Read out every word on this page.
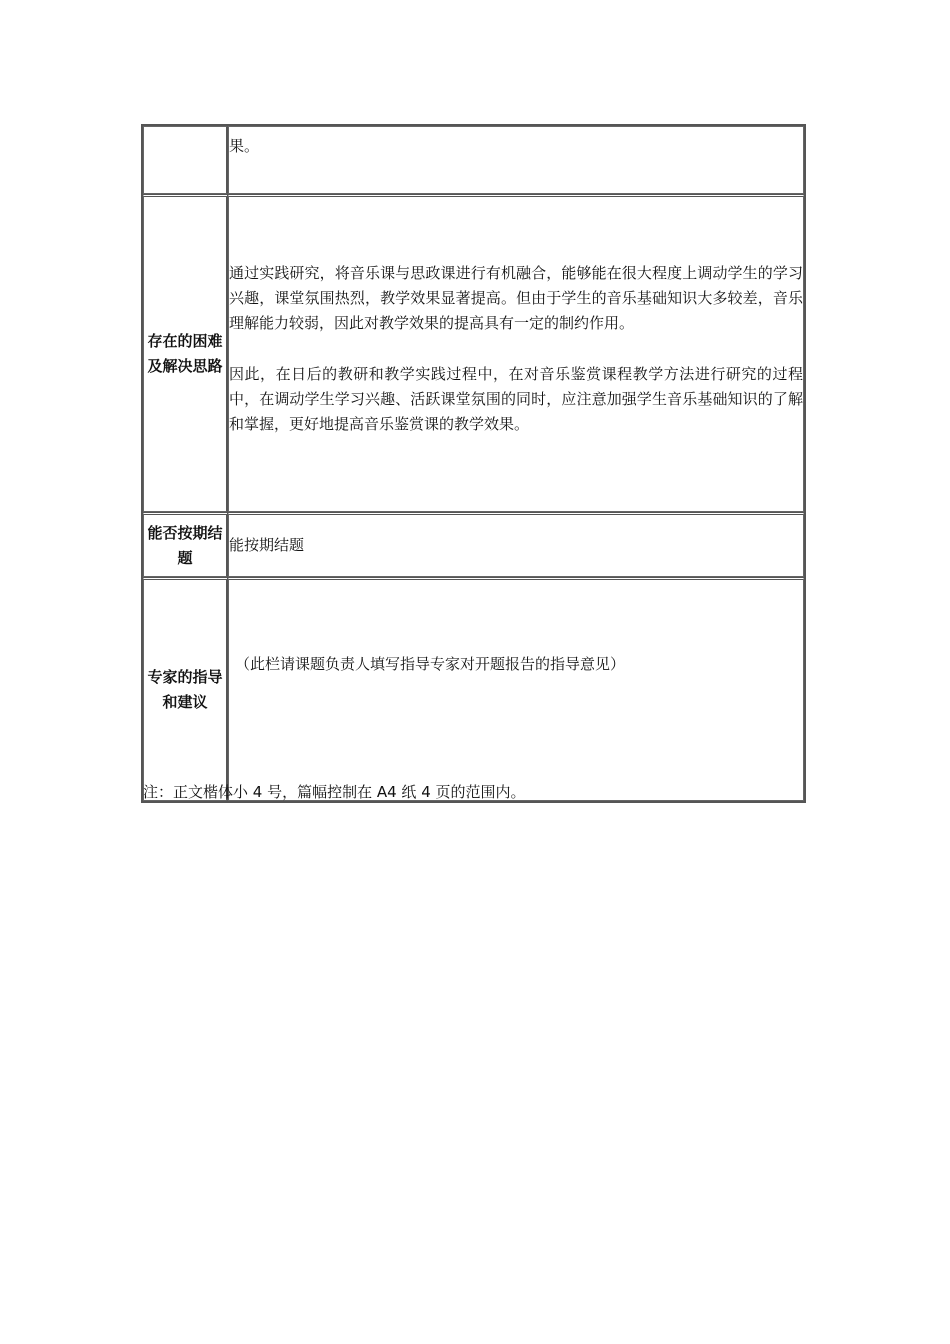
	果。

存在的困难及解决思路	通过实践研究，将音乐课与思政课进行有机融合，能够能在很大程度上调动学生的学习兴趣，课堂氛围热烈，教学效果显著提高。但由于学生的音乐基础知识大多较差，音乐理解能力较弱，因此对教学效果的提高具有一定的制约作用。

因此，在日后的教研和教学实践过程中，在对音乐鉴赏课程教学方法进行研究的过程中，在调动学生学习兴趣、活跃课堂氛围的同时，应注意加强学生音乐基础知识的了解和掌握，更好地提高音乐鉴赏课的教学效果。

能否按期结题	能按期结题

专家的指导和建议	（此栏请课题负责人填写指导专家对开题报告的指导意见）

注：正文楷体小 4 号，篇幅控制在 A4 纸 4 页的范围内。
